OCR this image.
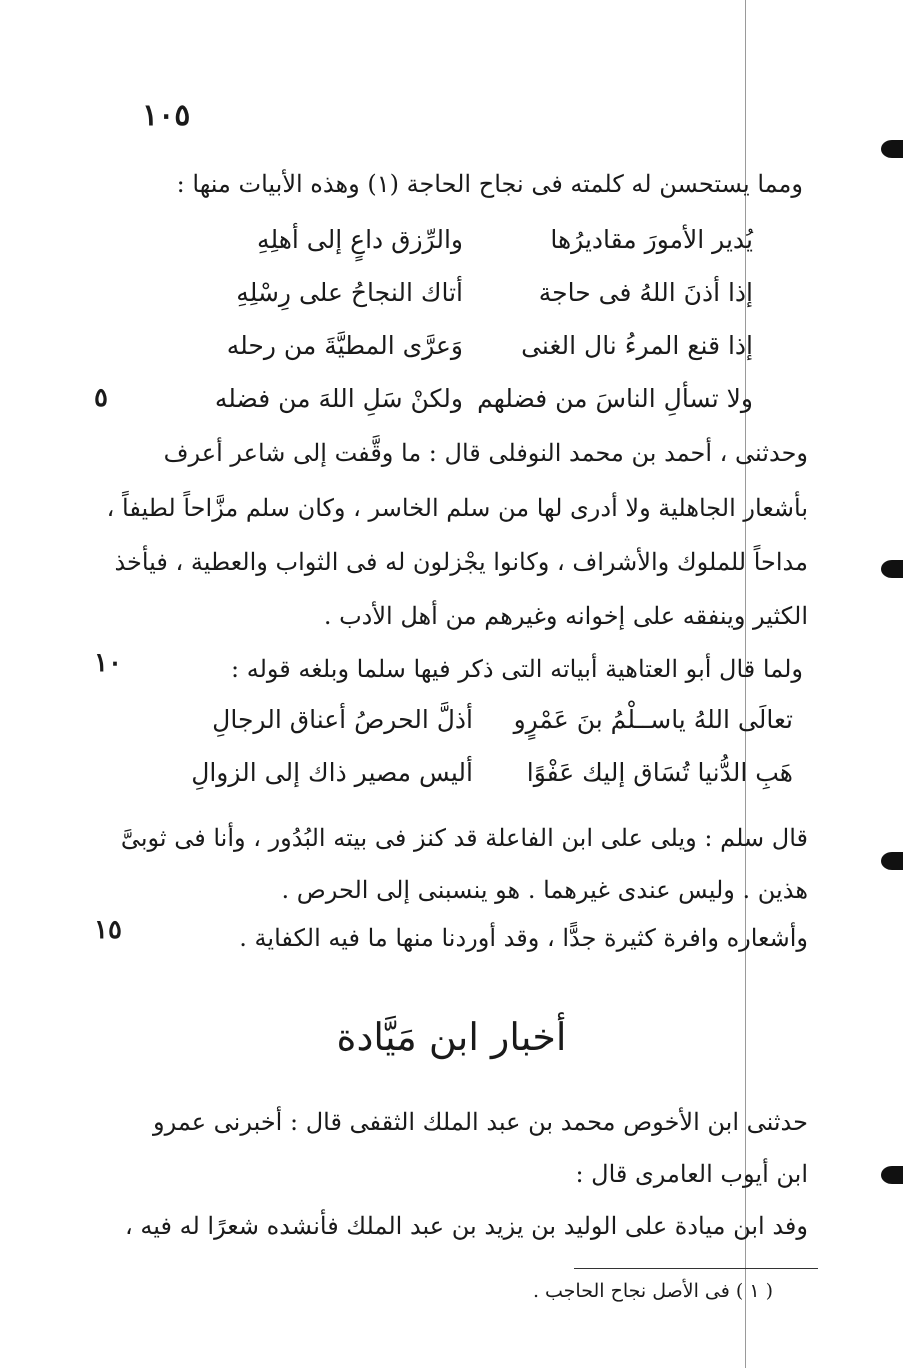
١٠٥
٥
١٠
١٥
ومما يستحسن له كلمته فى نجاح الحاجة (١) وهذه الأبيات منها :
يُدير الأمورَ مقاديرُها
والرِّزق داعٍ إلى أهلِهِ
إذا أذنَ اللهُ فى حاجة
أتاك النجاحُ على رِسْلِهِ
إذا قنع المرءُ نال الغنى
وَعرَّى المطيَّةَ من رحله
ولا تسألِ الناسَ من فضلهم
ولكنْ سَلِ اللهَ من فضله
وحدثنى ، أحمد بن محمد النوفلى قال : ما وقَّفت إلى شاعر أعرف
بأشعار الجاهلية ولا أدرى لها من سلم الخاسر ، وكان سلم مزَّاحاً لطيفاً ،
مداحاً للملوك والأشراف ، وكانوا يجْزلون له فى الثواب والعطية ، فيأخذ
الكثير وينفقه على إخوانه وغيرهم من أهل الأدب .
ولما قال أبو العتاهية أبياته التى ذكر فيها سلما وبلغه قوله :
تعالَى اللهُ ياســلْمُ بنَ عَمْرٍو
أذلَّ الحرصُ أعناق الرجالِ
هَبِ الدُّنيا تُسَاق إليك عَفْوًا
أليس مصير ذاك إلى الزوالِ
قال سلم : ويلى على ابن الفاعلة قد كنز فى بيته البُدُور ، وأنا فى ثوبىَّ
هذين . وليس عندى غيرهما . هو ينسبنى إلى الحرص .
وأشعاره وافرة كثيرة جدًّا ، وقد أوردنا منها ما فيه الكفاية .
أخبار ابن مَيَّادة
حدثنى ابن الأخوص محمد بن عبد الملك الثقفى قال : أخبرنى عمرو
ابن أيوب العامرى قال :
وفد ابن ميادة على الوليد بن يزيد بن عبد الملك فأنشده شعرًا له فيه ،
( ١ ) فى الأصل نجاح الحاجب .
